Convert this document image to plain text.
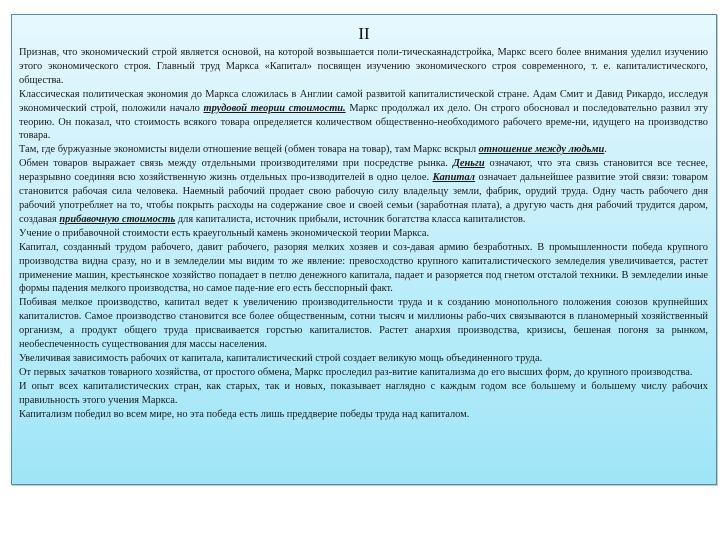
II

Признав, что экономический строй является основой, на которой возвышается поли-тическаянадстройка, Маркс всего более внимания уделил изучению этого экономического строя. Главный труд Маркса «Капитал» посвящен изучению экономического строя современного, т. е. капиталистического, общества.

Классическая политическая экономия до Маркса сложилась в Англии самой развитой капиталистической стране. Адам Смит и Давид Рикардо, исследуя экономический строй, положили начало трудовой теории стоимости. Маркс продолжал их дело. Он строго обосновал и последовательно развил эту теорию. Он показал, что стоимость всякого товара определяется количеством общественно-необходимого рабочего време-ни, идущего на производство товара.

Там, где буржуазные экономисты видели отношение вещей (обмен товара на товар), там Маркс вскрыл отношение между людьми.

Обмен товаров выражает связь между отдельными производителями при посредстве рынка. Деньги означают, что эта связь становится все теснее, неразрывно соединяя всю хозяйственную жизнь отдельных про-изводителей в одно целое. Капитал означает дальнейшее развитие этой связи: товаром становится рабочая сила человека. Наемный рабочий продает свою рабочую силу владельцу земли, фабрик, орудий труда. Одну часть рабочего дня рабочий употребляет на то, чтобы покрыть расходы на содержание свое и своей семьи (заработная плата), а другую часть дня рабочий трудится даром, создавая прибавочную стоимость для капиталиста, источник прибыли, источник богатства класса капиталистов.

Учение о прибавочной стоимости есть краеугольный камень экономической теории Маркса.

Капитал, созданный трудом рабочего, давит рабочего, разоряя мелких хозяев и соз-давая армию безработных. В промышленности победа крупного производства видна сразу, но и в земледелии мы видим то же явление: превосходство крупного капиталистического земледелия увеличивается, растет применение машин, крестьянское хозяйство попадает в петлю денежного капитала, падает и разоряется под гнетом отсталой техники. В земледелии иные формы падения мелкого производства, но самое паде-ние его есть бесспорный факт.

Побивая мелкое производство, капитал ведет к увеличению производительности труда и к созданию монопольного положения союзов крупнейших капиталистов. Самое производство становится все более общественным, сотни тысяч и миллионы рабо-чих связываются в планомерный хозяйственный организм, а продукт общего труда присваивается горстью капиталистов. Растет анархия производства, кризисы, бешеная погоня за рынком, необеспеченность существования для массы населения.

Увеличивая зависимость рабочих от капитала, капиталистический строй создает великую мощь объединенного труда.

От первых зачатков товарного хозяйства, от простого обмена, Маркс проследил раз-витие капитализма до его высших форм, до крупного производства.

И опыт всех капиталистических стран, как старых, так и новых, показывает наглядно с каждым годом все большему и большему числу рабочих правильность этого учения Маркса.

Капитализм победил во всем мире, но эта победа есть лишь преддверие победы труда над капиталом.
